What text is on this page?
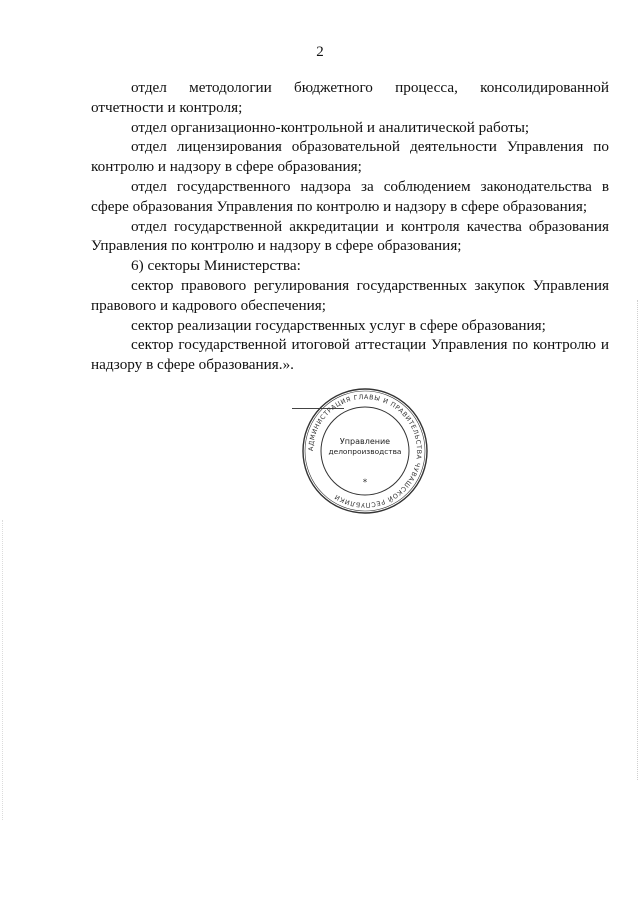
2

отдел методологии бюджетного процесса, консолидированной отчетности и контроля;

отдел организационно-контрольной и аналитической работы;

отдел лицензирования образовательной деятельности Управления по контролю и надзору в сфере образования;

отдел государственного надзора за соблюдением законодательства в сфере образования Управления по контролю и надзору в сфере образования;

отдел государственной аккредитации и контроля качества образования Управления по контролю и надзору в сфере образования;

6) секторы Министерства:

сектор правового регулирования государственных закупок Управления правового и кадрового обеспечения;

сектор реализации государственных услуг в сфере образования;

сектор государственной итоговой аттестации Управления по контролю и надзору в сфере образования.».

АДМИНИСТРАЦИЯ ГЛАВЫ И ПРАВИТЕЛЬСТВА ЧУВАШСКОЙ РЕСПУБЛИКИ
Управление
делопроизводства
*
